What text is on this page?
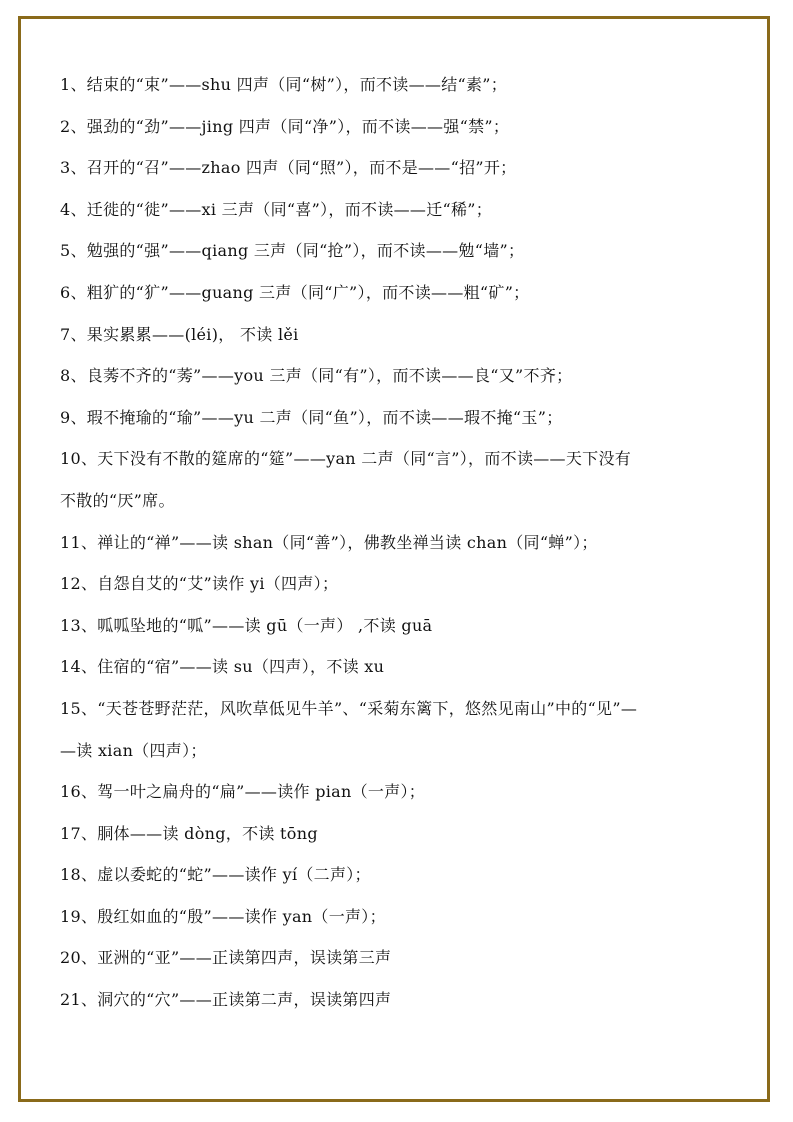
1、结束的“束”——shu 四声（同“树”），而不读——结“素”；
2、强劲的“劲”——jing 四声（同“净”），而不读——强“禁”；
3、召开的“召”——zhao 四声（同“照”），而不是——“招”开；
4、迁徙的“徙”——xi 三声（同“喜”），而不读——迁“稀”；
5、勉强的“强”——qiang 三声（同“抢”），而不读——勉“墙”；
6、粗犷的“犷”——guang 三声（同“广”），而不读——粗“矿”；
7、果实累累——(léi)， 不读 lěi
8、良莠不齐的“莠”——you 三声（同“有”），而不读——良“又”不齐；
9、瑕不掩瑜的“瑜”——yu 二声（同“鱼”），而不读——瑕不掩“玉”；
10、天下没有不散的筵席的“筵”——yan 二声（同“言”），而不读——天下没有
不散的“厌”席。
11、禅让的“禅”——读 shan（同“善”），佛教坐禅当读 chan（同“蝉”）；
12、自怨自艾的“艾”读作 yi（四声）；
13、呱呱坠地的“呱”——读 gū（一声） ,不读 guā
14、住宿的“宿”——读 su（四声），不读 xu
15、“天苍苍野茫茫，风吹草低见牛羊”、“采菊东篱下，悠然见南山”中的“见”—
—读 xian（四声）；
16、驾一叶之扁舟的“扁”——读作 pian（一声）；
17、胴体——读 dòng，不读 tōng
18、虚以委蛇的“蛇”——读作 yí（二声）；
19、殷红如血的“殷”——读作 yan（一声）；
20、亚洲的“亚”——正读第四声，误读第三声
21、洞穴的“穴”——正读第二声，误读第四声
